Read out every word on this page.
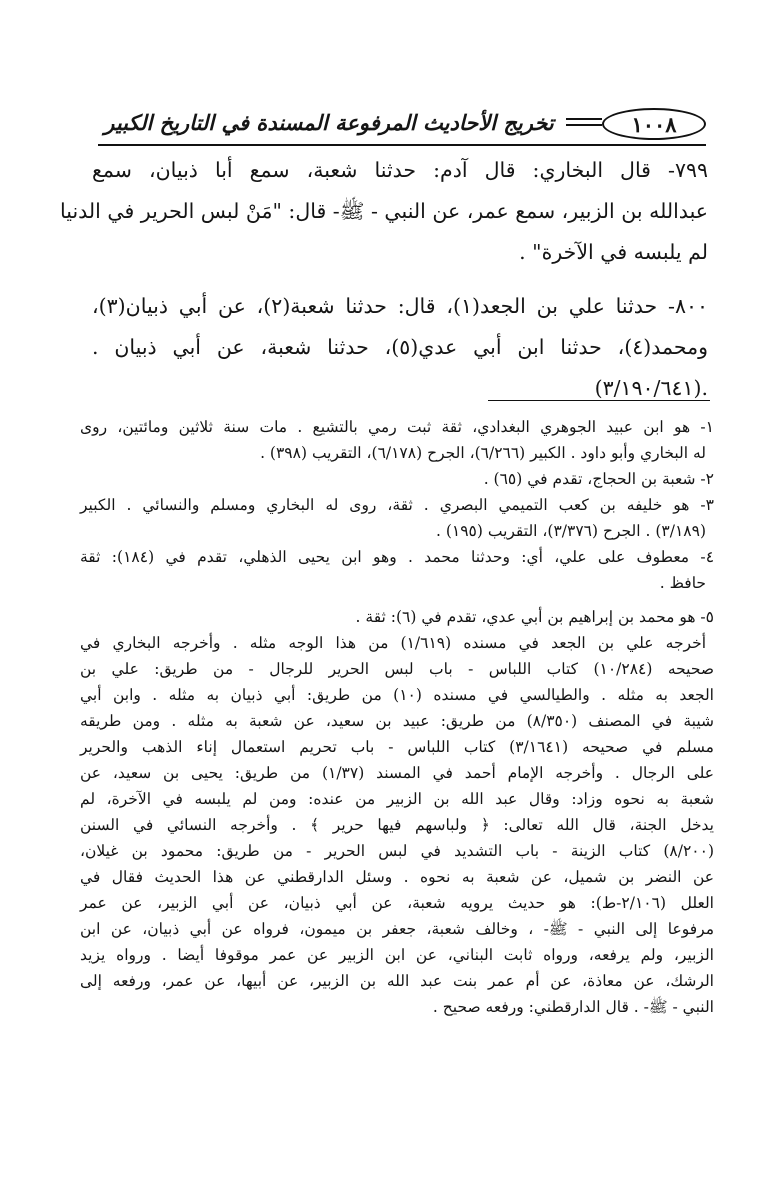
١٠٠٨
تخريج الأحاديث المرفوعة المسندة في التاريخ الكبير
٧٩٩- قال البخاري: قال آدم: حدثنا شعبة، سمع أبا ذبيان، سمع
عبدالله بن الزبير، سمع عمر، عن النبي - ﷺ- قال: "مَنْ لبس الحرير في الدنيا
لم يلبسه في الآخرة" .
٨٠٠- حدثنا علي بن الجعد(١)، قال: حدثنا شعبة(٢)، عن أبي ذبيان(٣)،
ومحمد(٤)، حدثنا ابن أبي عدي(٥)، حدثنا شعبة، عن أبي ذبيان .
.(٣/١٩٠/٦٤١)
١- هو ابن عبيد الجوهري البغدادي، ثقة ثبت رمي بالتشيع . مات سنة ثلاثين ومائتين، روى
له البخاري وأبو داود . الكبير (٦/٢٦٦)، الجرح (٦/١٧٨)، التقريب (٣٩٨) .
٢- شعبة بن الحجاج، تقدم في (٦٥) .
٣- هو خليفه بن كعب التميمي البصري . ثقة، روى له البخاري ومسلم والنسائي . الكبير
(٣/١٨٩) . الجرح (٣/٣٧٦)، التقريب (١٩٥) .
٤- معطوف على علي، أي: وحدثنا محمد . وهو ابن يحيى الذهلي، تقدم في (١٨٤): ثقة
حافظ .
٥- هو محمد بن إبراهيم بن أبي عدي، تقدم في (٦): ثقة .
أخرجه علي بن الجعد في مسنده (١/٦١٩) من هذا الوجه مثله . وأخرجه البخاري في
صحيحه (١٠/٢٨٤) كتاب اللباس - باب لبس الحرير للرجال - من طريق: علي بن
الجعد به مثله . والطيالسي في مسنده (١٠) من طريق: أبي ذبيان به مثله . وابن أبي
شيبة في المصنف (٨/٣٥٠) من طريق: عبيد بن سعيد، عن شعبة به مثله . ومن طريقه
مسلم في صحيحه (٣/١٦٤١) كتاب اللباس - باب تحريم استعمال إناء الذهب والحرير
على الرجال . وأخرجه الإمام أحمد في المسند (١/٣٧) من طريق: يحيى بن سعيد، عن
شعبة به نحوه وزاد: وقال عبد الله بن الزبير من عنده: ومن لم يلبسه في الآخرة، لم
يدخل الجنة، قال الله تعالى: ﴿ ولباسهم فيها حرير ﴾ . وأخرجه النسائي في السنن
(٨/٢٠٠) كتاب الزينة - باب التشديد في لبس الحرير - من طريق: محمود بن غيلان،
عن النضر بن شميل، عن شعبة به نحوه . وسئل الدارقطني عن هذا الحديث فقال في
العلل (٢/١٠٦-ط): هو حديث يرويه شعبة، عن أبي ذبيان، عن أبي الزبير، عن عمر
مرفوعا إلى النبي - ﷺ- ، وخالف شعبة، جعفر بن ميمون، فرواه عن أبي ذبيان، عن ابن
الزبير، ولم يرفعه، ورواه ثابت البناني، عن ابن الزبير عن عمر موقوفا أيضا . ورواه يزيد
الرشك، عن معاذة، عن أم عمر بنت عبد الله بن الزبير، عن أبيها، عن عمر، ورفعه إلى
النبي - ﷺ- . قال الدارقطني: ورفعه صحيح .
